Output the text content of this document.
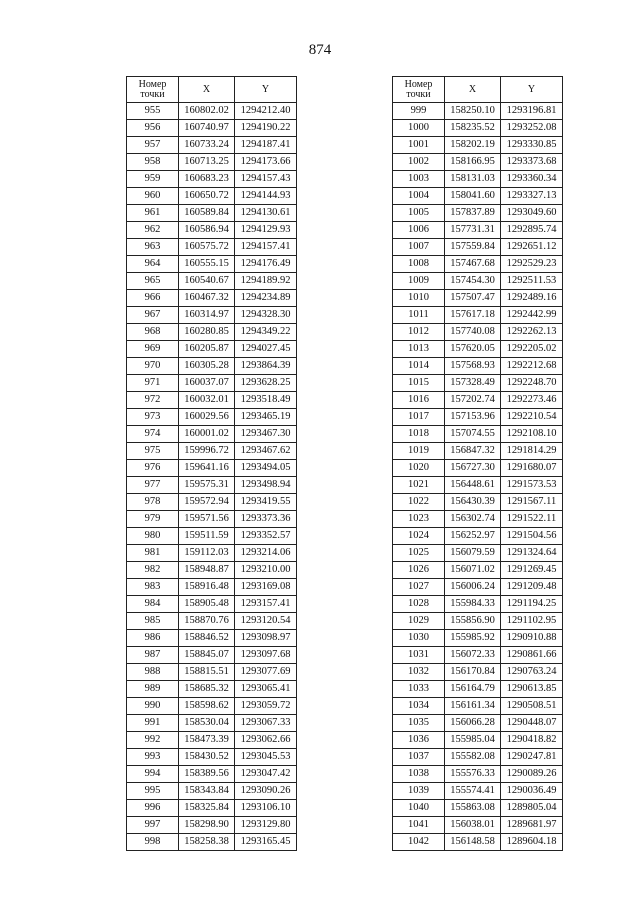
874
Номер
точки	X	Y
955	160802.02	1294212.40
956	160740.97	1294190.22
957	160733.24	1294187.41
958	160713.25	1294173.66
959	160683.23	1294157.43
960	160650.72	1294144.93
961	160589.84	1294130.61
962	160586.94	1294129.93
963	160575.72	1294157.41
964	160555.15	1294176.49
965	160540.67	1294189.92
966	160467.32	1294234.89
967	160314.97	1294328.30
968	160280.85	1294349.22
969	160205.87	1294027.45
970	160305.28	1293864.39
971	160037.07	1293628.25
972	160032.01	1293518.49
973	160029.56	1293465.19
974	160001.02	1293467.30
975	159996.72	1293467.62
976	159641.16	1293494.05
977	159575.31	1293498.94
978	159572.94	1293419.55
979	159571.56	1293373.36
980	159511.59	1293352.57
981	159112.03	1293214.06
982	158948.87	1293210.00
983	158916.48	1293169.08
984	158905.48	1293157.41
985	158870.76	1293120.54
986	158846.52	1293098.97
987	158845.07	1293097.68
988	158815.51	1293077.69
989	158685.32	1293065.41
990	158598.62	1293059.72
991	158530.04	1293067.33
992	158473.39	1293062.66
993	158430.52	1293045.53
994	158389.56	1293047.42
995	158343.84	1293090.26
996	158325.84	1293106.10
997	158298.90	1293129.80
998	158258.38	1293165.45
Номер
точки	X	Y
999	158250.10	1293196.81
1000	158235.52	1293252.08
1001	158202.19	1293330.85
1002	158166.95	1293373.68
1003	158131.03	1293360.34
1004	158041.60	1293327.13
1005	157837.89	1293049.60
1006	157731.31	1292895.74
1007	157559.84	1292651.12
1008	157467.68	1292529.23
1009	157454.30	1292511.53
1010	157507.47	1292489.16
1011	157617.18	1292442.99
1012	157740.08	1292262.13
1013	157620.05	1292205.02
1014	157568.93	1292212.68
1015	157328.49	1292248.70
1016	157202.74	1292273.46
1017	157153.96	1292210.54
1018	157074.55	1292108.10
1019	156847.32	1291814.29
1020	156727.30	1291680.07
1021	156448.61	1291573.53
1022	156430.39	1291567.11
1023	156302.74	1291522.11
1024	156252.97	1291504.56
1025	156079.59	1291324.64
1026	156071.02	1291269.45
1027	156006.24	1291209.48
1028	155984.33	1291194.25
1029	155856.90	1291102.95
1030	155985.92	1290910.88
1031	156072.33	1290861.66
1032	156170.84	1290763.24
1033	156164.79	1290613.85
1034	156161.34	1290508.51
1035	156066.28	1290448.07
1036	155985.04	1290418.82
1037	155582.08	1290247.81
1038	155576.33	1290089.26
1039	155574.41	1290036.49
1040	155863.08	1289805.04
1041	156038.01	1289681.97
1042	156148.58	1289604.18
